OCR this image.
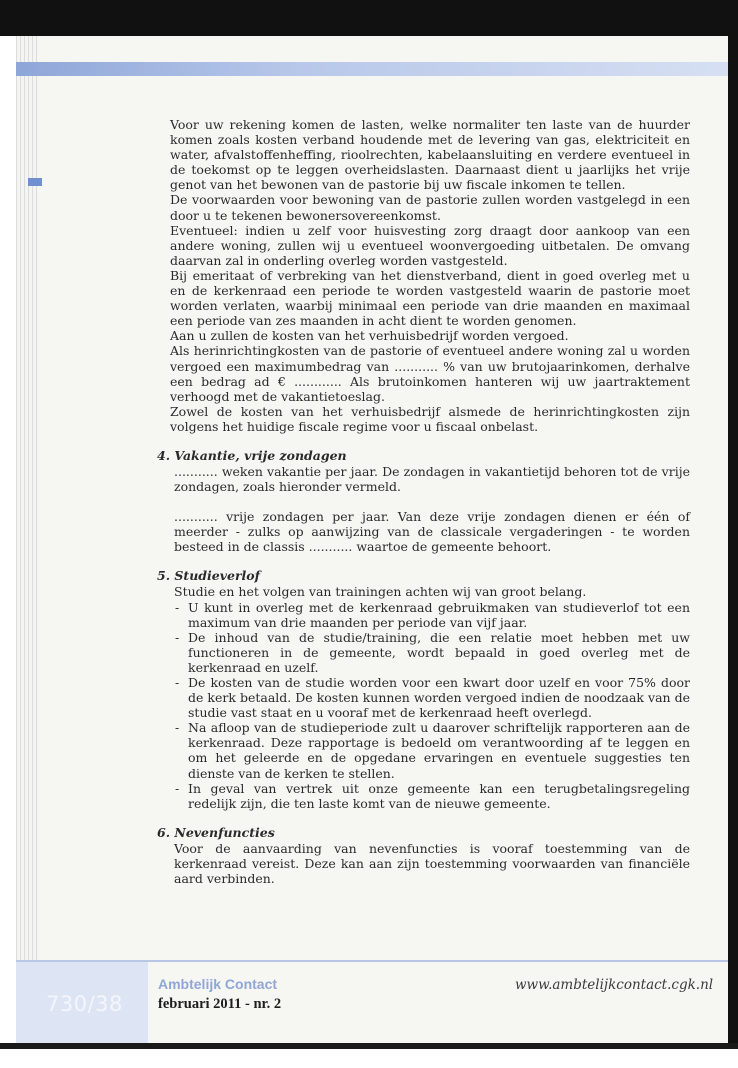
Voor uw rekening komen de lasten, welke normaliter ten laste van de huurder komen zoals kosten verband houdende met de levering van gas, elektriciteit en water, afvalstoffenheffing, rioolrechten, kabelaansluiting en verdere eventueel in de toekomst op te leggen overheidslasten. Daarnaast dient u jaarlijks het vrije genot van het bewonen van de pastorie bij uw fiscale inkomen te tellen.

De voorwaarden voor bewoning van de pastorie zullen worden vastgelegd in een door u te tekenen bewonersovereenkomst.

Eventueel: indien u zelf voor huisvesting zorg draagt door aankoop van een andere woning, zullen wij u eventueel woonvergoeding uitbetalen. De omvang daarvan zal in onderling overleg worden vastgesteld.

Bij emeritaat of verbreking van het dienstverband, dient in goed overleg met u en de kerkenraad een periode te worden vastgesteld waarin de pastorie moet worden verlaten, waarbij minimaal een periode van drie maanden en maximaal een periode van zes maanden in acht dient te worden genomen.

Aan u zullen de kosten van het verhuisbedrijf worden vergoed.

Als herinrichtingkosten van de pastorie of eventueel andere woning zal u worden vergoed een maximumbedrag van ........... % van uw brutojaarinkomen, derhalve een bedrag ad € ............ Als brutoinkomen hanteren wij uw jaartraktement verhoogd met de vakantietoeslag.

Zowel de kosten van het verhuisbedrijf alsmede de herinrichtingkosten zijn volgens het huidige fiscale regime voor u fiscaal onbelast.

4. Vakantie, vrije zondagen

........... weken vakantie per jaar. De zondagen in vakantietijd behoren tot de vrije zondagen, zoals hieronder vermeld.

........... vrije zondagen per jaar. Van deze vrije zondagen dienen er één of meerder - zulks op aanwijzing van de classicale vergaderingen - te worden besteed in de classis ........... waartoe de gemeente behoort.

5. Studieverlof

Studie en het volgen van trainingen achten wij van groot belang.

- U kunt in overleg met de kerkenraad gebruikmaken van studieverlof tot een maximum van drie maanden per periode van vijf jaar.
- De inhoud van de studie/training, die een relatie moet hebben met uw functioneren in de gemeente, wordt bepaald in goed overleg met de kerkenraad en uzelf.
- De kosten van de studie worden voor een kwart door uzelf en voor 75% door de kerk betaald. De kosten kunnen worden vergoed indien de noodzaak van de studie vast staat en u vooraf met de kerkenraad heeft overlegd.
- Na afloop van de studieperiode zult u daarover schriftelijk rapporteren aan de kerkenraad. Deze rapportage is bedoeld om verantwoording af te leggen en om het geleerde en de opgedane ervaringen en eventuele suggesties ten dienste van de kerken te stellen.
- In geval van vertrek uit onze gemeente kan een terugbetalingsregeling redelijk zijn, die ten laste komt van de nieuwe gemeente.
6. Nevenfuncties

Voor de aanvaarding van nevenfuncties is vooraf toestemming van de kerkenraad vereist. Deze kan aan zijn toestemming voorwaarden van financiële aard verbinden.

730/38
Ambtelijk Contact
februari 2011 - nr. 2
www.ambtelijkcontact.cgk.nl
